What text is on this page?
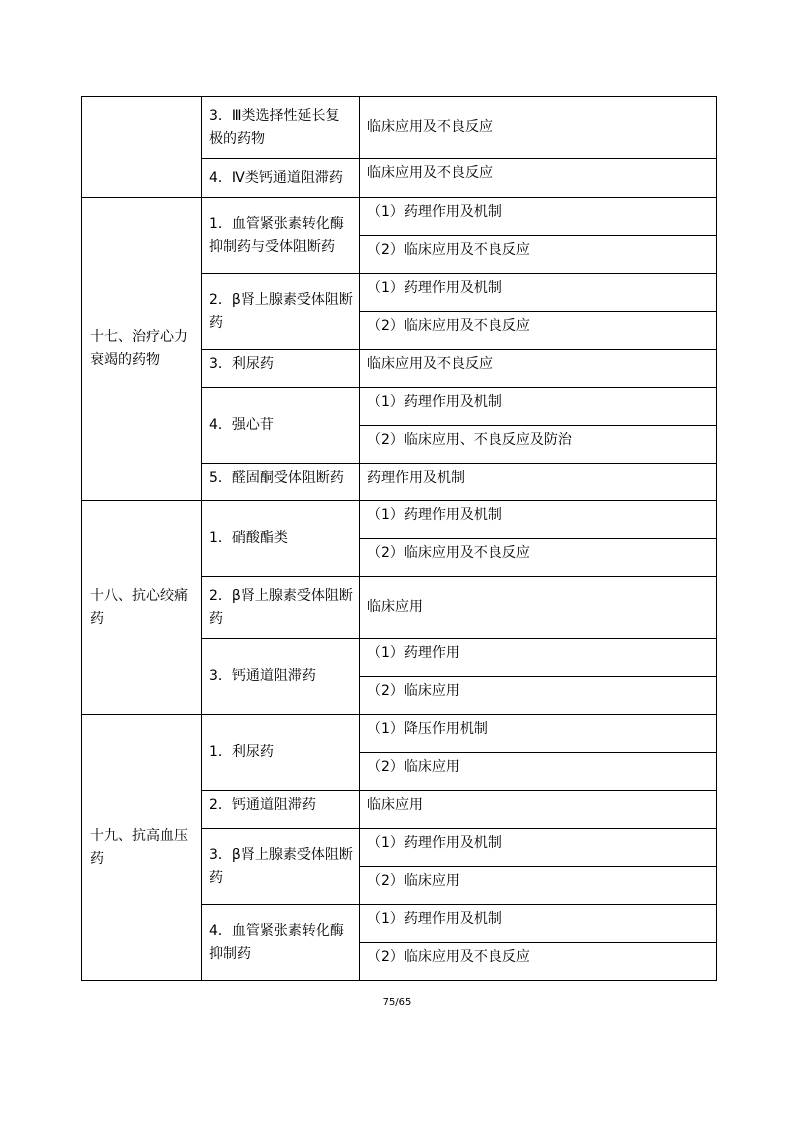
	3．Ⅲ类选择性延长复极的药物	临床应用及不良反应
	4．Ⅳ类钙通道阻滞药	临床应用及不良反应
十七、治疗心力衰竭的药物	1．血管紧张素转化酶抑制药与受体阻断药	（1）药理作用及机制
		（2）临床应用及不良反应
	2．β肾上腺素受体阻断药	（1）药理作用及机制
		（2）临床应用及不良反应
	3．利尿药	临床应用及不良反应
	4．强心苷	（1）药理作用及机制
		（2）临床应用、不良反应及防治
	5．醛固酮受体阻断药	药理作用及机制
十八、抗心绞痛药	1．硝酸酯类	（1）药理作用及机制
		（2）临床应用及不良反应
	2．β肾上腺素受体阻断药	临床应用
	3．钙通道阻滞药	（1）药理作用
		（2）临床应用
十九、抗高血压药	1．利尿药	（1）降压作用机制
		（2）临床应用
	2．钙通道阻滞药	临床应用
	3．β肾上腺素受体阻断药	（1）药理作用及机制
		（2）临床应用
	4．血管紧张素转化酶抑制药	（1）药理作用及机制
		（2）临床应用及不良反应
75/65
